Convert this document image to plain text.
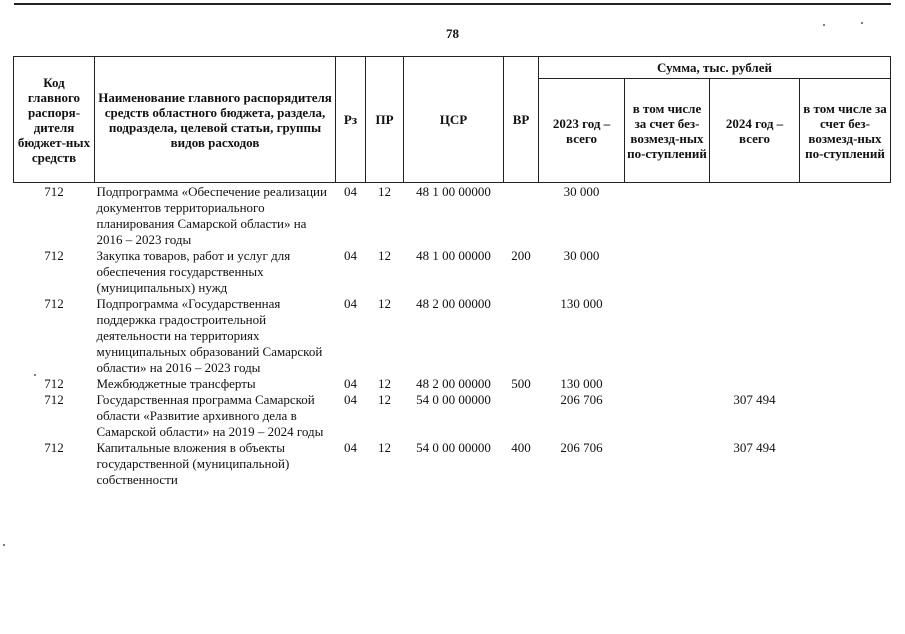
78
Код главного распоря-дителя бюджет-ных средств	Наименование главного распорядителя средств областного бюджета, раздела, подраздела, целевой статьи, группы видов расходов	Рз	ПР	ЦСР	ВР	Сумма, тыс. рублей			
						2023 год – всего	в том числе за счет без-возмезд-ных по-ступлений	2024 год – всего	в том числе за счет без-возмезд-ных по-ступлений
712	Подпрограмма «Обеспечение реализации документов территориального планирования Самарской области» на 2016 – 2023 годы	04	12	48 1 00 00000		30 000			
712	Закупка товаров, работ и услуг для обеспечения государственных (муниципальных) нужд	04	12	48 1 00 00000	200	30 000			
712	Подпрограмма «Государственная поддержка градостроительной деятельности на территориях муниципальных образований Самарской области» на 2016 – 2023 годы	04	12	48 2 00 00000		130 000			
712	Межбюджетные трансферты	04	12	48 2 00 00000	500	130 000			
712	Государственная программа Самарской области «Развитие архивного дела в Самарской области» на 2019 – 2024 годы	04	12	54 0 00 00000		206 706		307 494	
712	Капитальные вложения в объекты государственной (муниципальной) собственности	04	12	54 0 00 00000	400	206 706		307 494	
